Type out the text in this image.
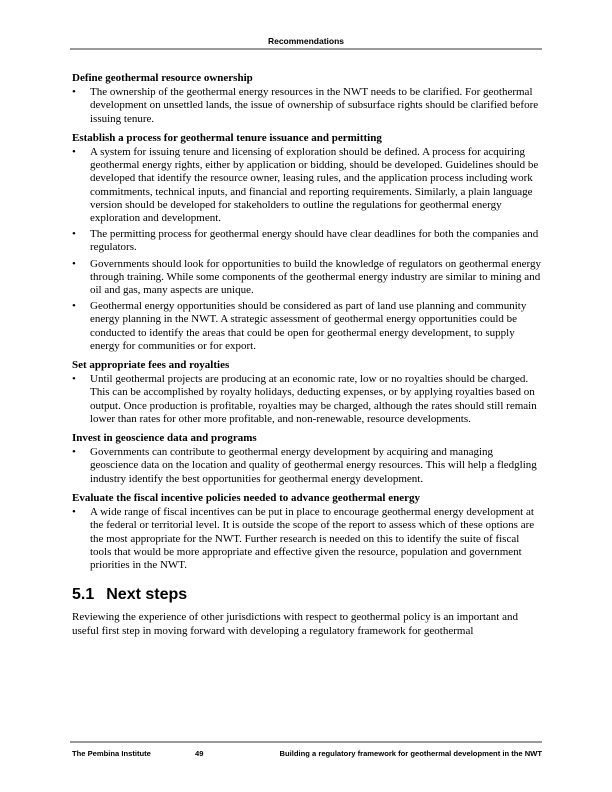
Recommendations
Define geothermal resource ownership
• The ownership of the geothermal energy resources in the NWT needs to be clarified. For geothermal development on unsettled lands, the issue of ownership of subsurface rights should be clarified before issuing tenure.
Establish a process for geothermal tenure issuance and permitting
• A system for issuing tenure and licensing of exploration should be defined. A process for acquiring geothermal energy rights, either by application or bidding, should be developed. Guidelines should be developed that identify the resource owner, leasing rules, and the application process including work commitments, technical inputs, and financial and reporting requirements. Similarly, a plain language version should be developed for stakeholders to outline the regulations for geothermal energy exploration and development.
• The permitting process for geothermal energy should have clear deadlines for both the companies and regulators.
• Governments should look for opportunities to build the knowledge of regulators on geothermal energy through training. While some components of the geothermal energy industry are similar to mining and oil and gas, many aspects are unique.
• Geothermal energy opportunities should be considered as part of land use planning and community energy planning in the NWT. A strategic assessment of geothermal energy opportunities could be conducted to identify the areas that could be open for geothermal energy development, to supply energy for communities or for export.
Set appropriate fees and royalties
• Until geothermal projects are producing at an economic rate, low or no royalties should be charged. This can be accomplished by royalty holidays, deducting expenses, or by applying royalties based on output. Once production is profitable, royalties may be charged, although the rates should still remain lower than rates for other more profitable, and non-renewable, resource developments.
Invest in geoscience data and programs
• Governments can contribute to geothermal energy development by acquiring and managing geoscience data on the location and quality of geothermal energy resources. This will help a fledgling industry identify the best opportunities for geothermal energy development.
Evaluate the fiscal incentive policies needed to advance geothermal energy
• A wide range of fiscal incentives can be put in place to encourage geothermal energy development at the federal or territorial level. It is outside the scope of the report to assess which of these options are the most appropriate for the NWT. Further research is needed on this to identify the suite of fiscal tools that would be more appropriate and effective given the resource, population and government priorities in the NWT.
5.1 Next steps

Reviewing the experience of other jurisdictions with respect to geothermal policy is an important and useful first step in moving forward with developing a regulatory framework for geothermal

The Pembina Institute	49	Building a regulatory framework for geothermal development in the NWT
